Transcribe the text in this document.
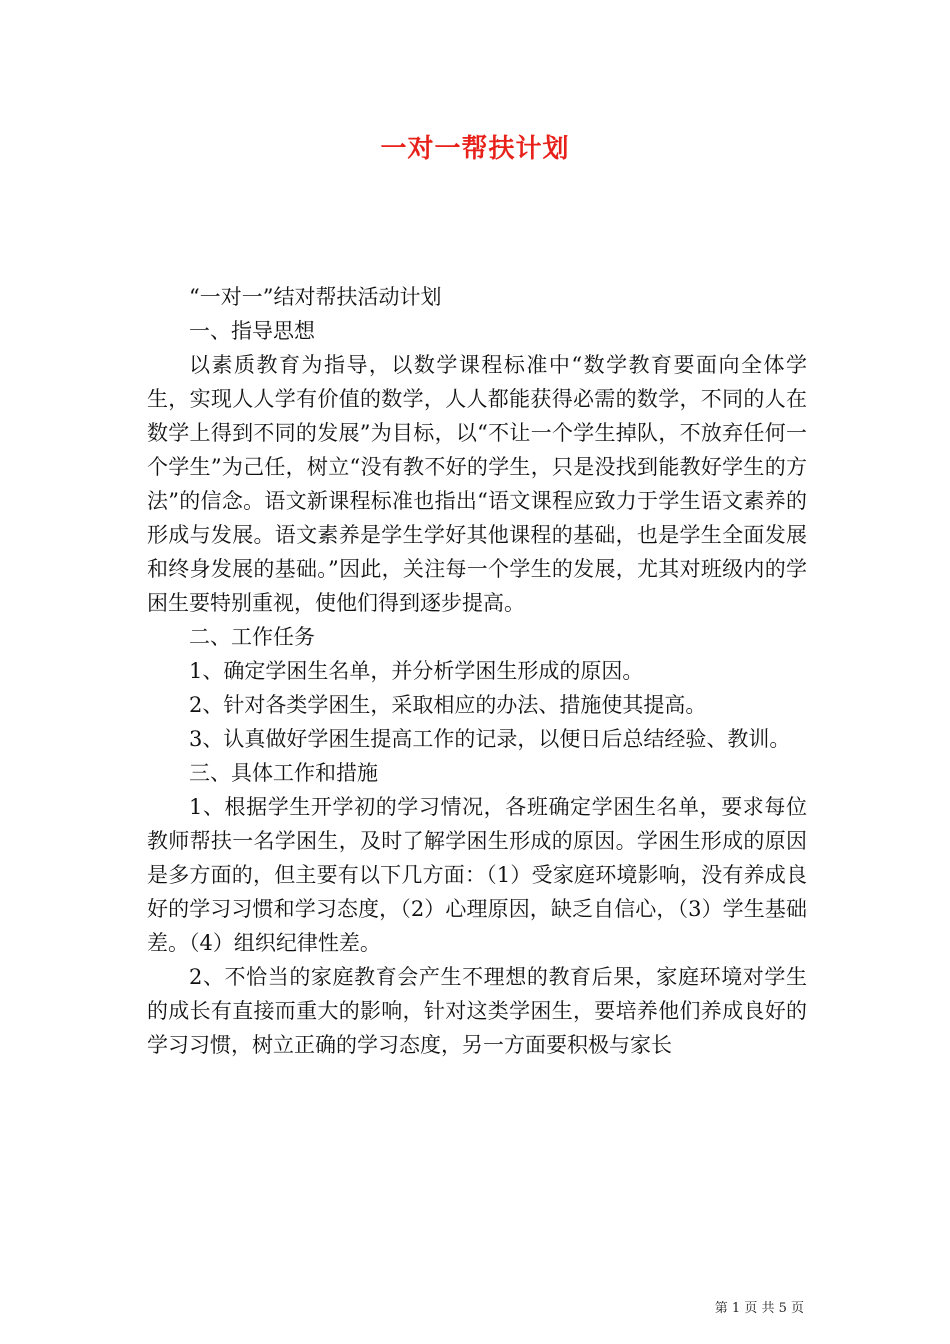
一对一帮扶计划

“一对一”结对帮扶活动计划

一、指导思想

以素质教育为指导，以数学课程标准中“数学教育要面向全体学生，实现人人学有价值的数学，人人都能获得必需的数学，不同的人在数学上得到不同的发展”为目标，以“不让一个学生掉队，不放弃任何一个学生”为己任，树立“没有教不好的学生，只是没找到能教好学生的方法”的信念。语文新课程标准也指出“语文课程应致力于学生语文素养的形成与发展。语文素养是学生学好其他课程的基础，也是学生全面发展和终身发展的基础。”因此，关注每一个学生的发展，尤其对班级内的学困生要特别重视，使他们得到逐步提高。

二、工作任务

1、确定学困生名单，并分析学困生形成的原因。

2、针对各类学困生，采取相应的办法、措施使其提高。

3、认真做好学困生提高工作的记录，以便日后总结经验、教训。

三、具体工作和措施

1、根据学生开学初的学习情况，各班确定学困生名单，要求每位教师帮扶一名学困生，及时了解学困生形成的原因。学困生形成的原因是多方面的，但主要有以下几方面：（1）受家庭环境影响，没有养成良好的学习习惯和学习态度，（2）心理原因，缺乏自信心，（3）学生基础差。（4）组织纪律性差。

2、不恰当的家庭教育会产生不理想的教育后果，家庭环境对学生的成长有直接而重大的影响，针对这类学困生，要培养他们养成良好的学习习惯，树立正确的学习态度，另一方面要积极与家长

第 1 页 共 5 页
